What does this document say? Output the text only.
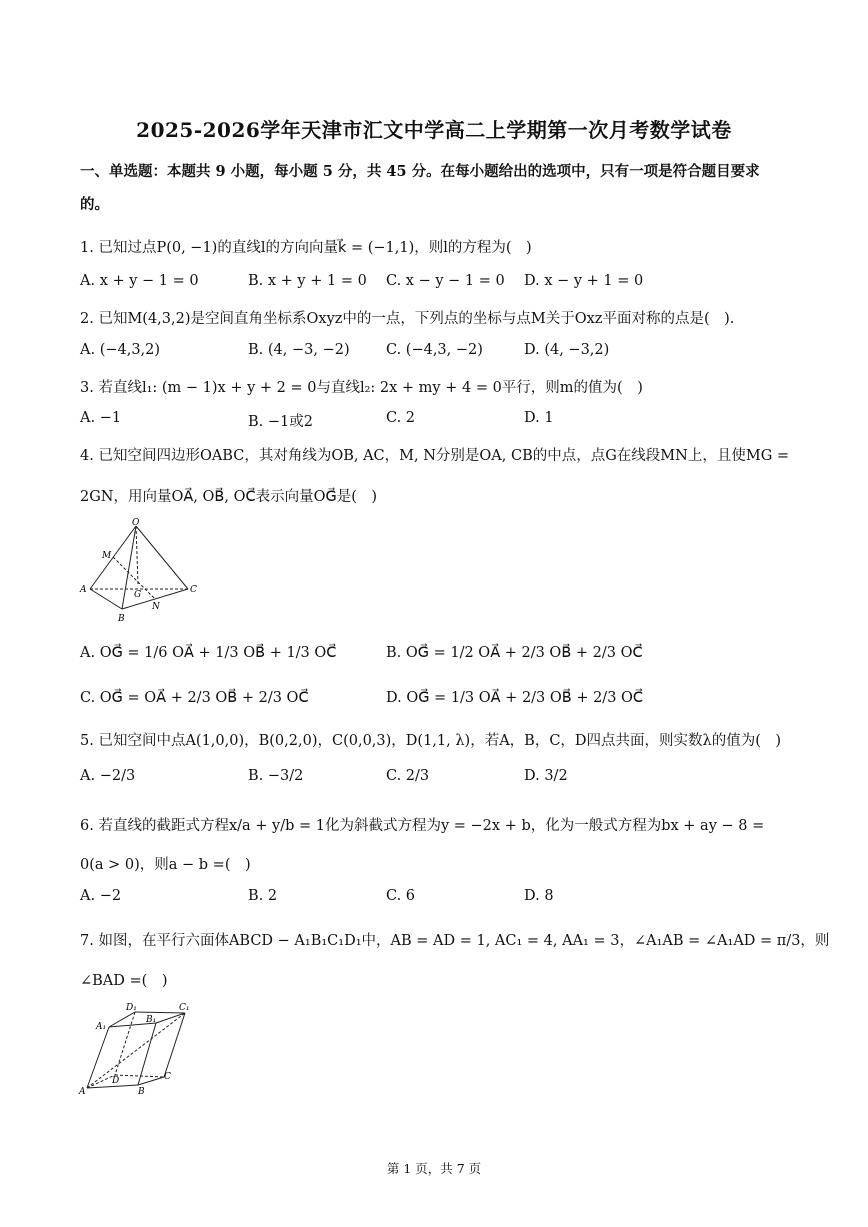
2025-2026学年天津市汇文中学高二上学期第一次月考数学试卷
一、单选题：本题共 9 小题，每小题 5 分，共 45 分。在每小题给出的选项中，只有一项是符合题目要求
的。
1. 已知过点P(0, −1)的直线l的方向向量k⃗ = (−1,1)，则l的方程为(　)
A. x + y − 1 = 0	B. x + y + 1 = 0 C. x − y − 1 = 0 D. x − y + 1 = 0
2. 已知M(4,3,2)是空间直角坐标系Oxyz中的一点，下列点的坐标与点M关于Oxz平面对称的点是(　).
A. (−4,3,2)	B. (4, −3, −2)	C. (−4,3, −2)	D. (4, −3,2)
3. 若直线l₁: (m − 1)x + y + 2 = 0与直线l₂: 2x + my + 4 = 0平行，则m的值为(　)
A. −1	B. −1或2	C. 2	D. 1
4. 已知空间四边形OABC，其对角线为OB, AC，M, N分别是OA, CB的中点，点G在线段MN上，且使MG =
2GN，用向量OA⃗, OB⃗, OC⃗表示向量OG⃗是(　)
O
M
A	G	C
N
B
A. OG⃗ = 1/6 OA⃗ + 1/3 OB⃗ + 1/3 OC⃗	B. OG⃗ = 1/2 OA⃗ + 2/3 OB⃗ + 2/3 OC⃗
C. OG⃗ = OA⃗ + 2/3 OB⃗ + 2/3 OC⃗	D. OG⃗ = 1/3 OA⃗ + 2/3 OB⃗ + 2/3 OC⃗
5. 已知空间中点A(1,0,0)，B(0,2,0)，C(0,0,3)，D(1,1, λ)，若A，B，C，D四点共面，则实数λ的值为(　)
A. −2/3	B. −3/2	C. 2/3	D. 3/2
6. 若直线的截距式方程x/a + y/b = 1化为斜截式方程为y = −2x + b，化为一般式方程为bx + ay − 8 =
0(a > 0)，则a − b =(　)
A. −2	B. 2	C. 6	D. 8
7. 如图，在平行六面体ABCD − A₁B₁C₁D₁中，AB = AD = 1, AC₁ = 4, AA₁ = 3，∠A₁AB = ∠A₁AD = π/3，则
∠BAD =(　)
D₁	C₁
A₁
B₁
D	C
A	B
第 1 页，共 7 页
